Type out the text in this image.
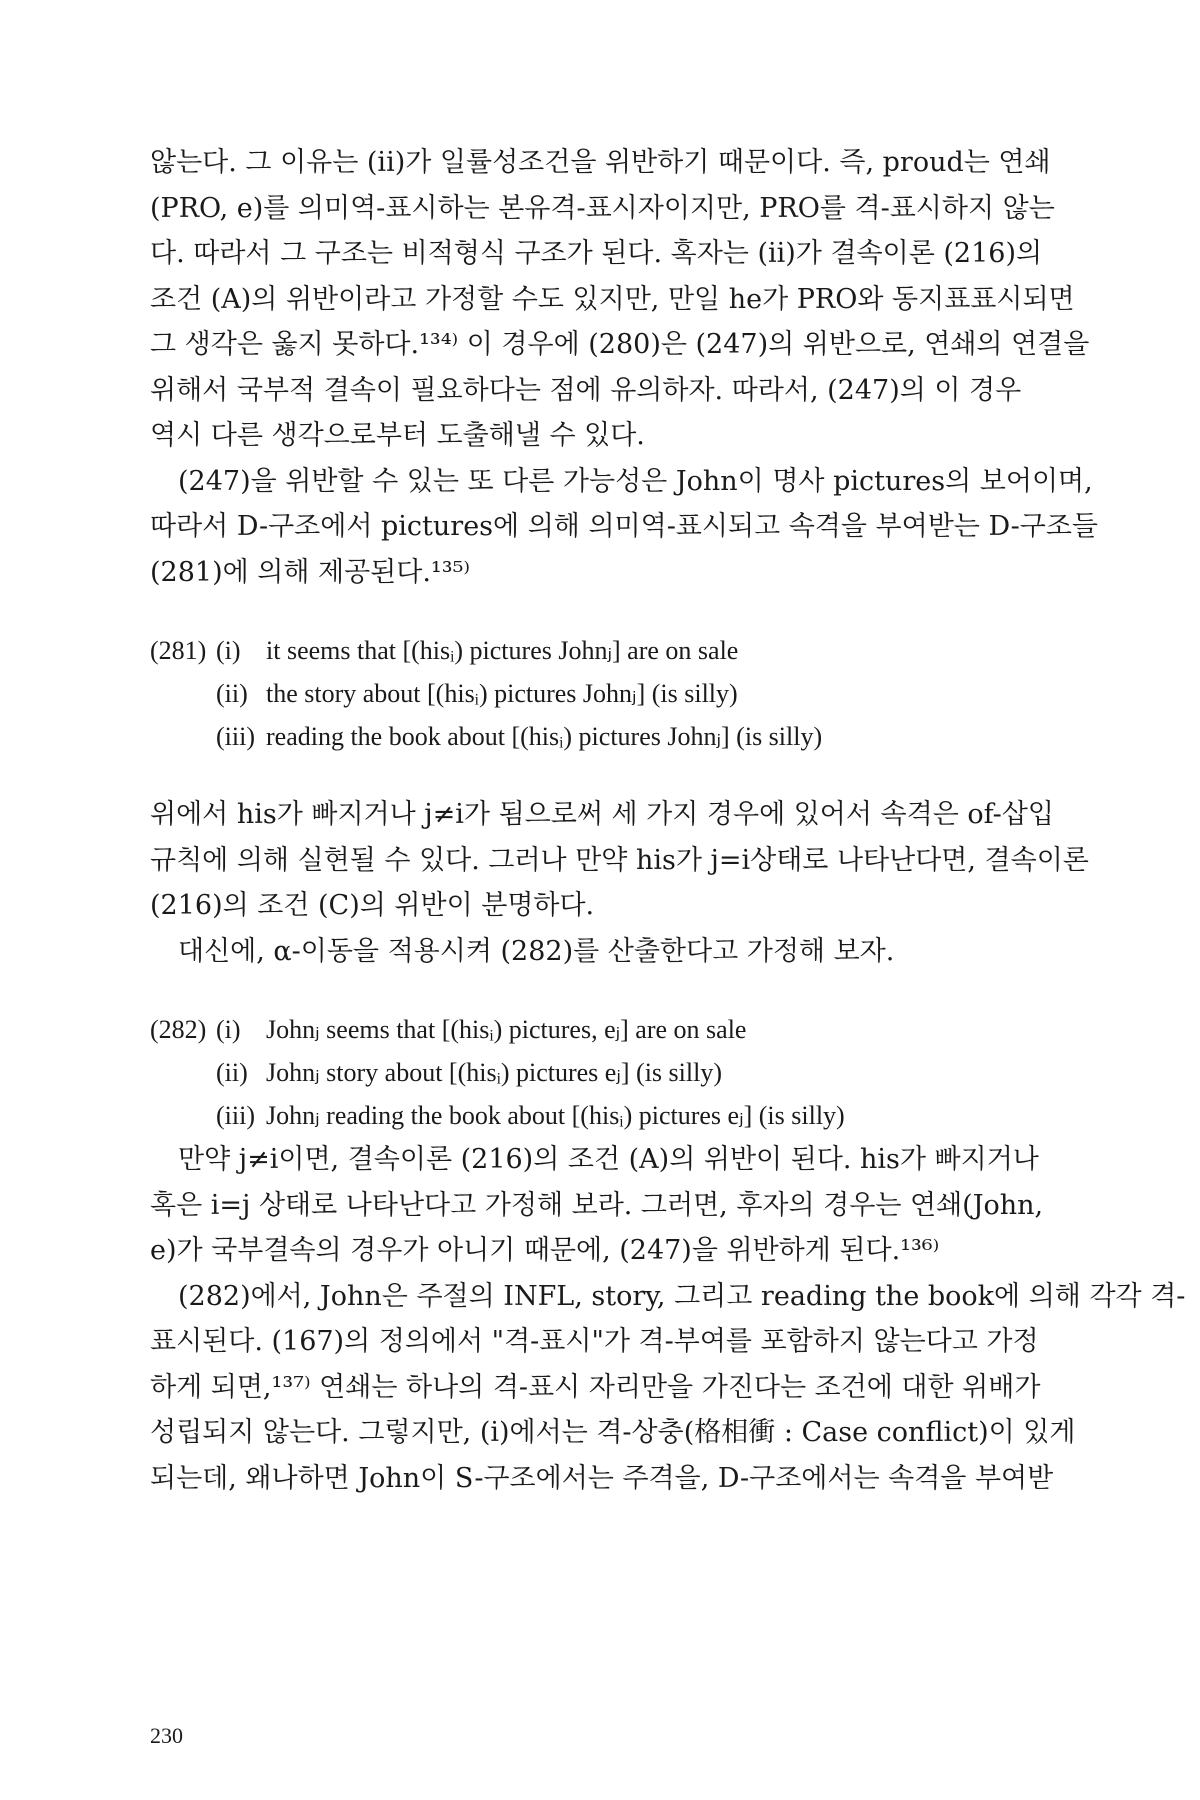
않는다. 그 이유는 (ii)가 일률성조건을 위반하기 때문이다. 즉, proud는 연쇄
(PRO, e)를 의미역-표시하는 본유격-표시자이지만, PRO를 격-표시하지 않는
다. 따라서 그 구조는 비적형식 구조가 된다. 혹자는 (ii)가 결속이론 (216)의
조건 (A)의 위반이라고 가정할 수도 있지만, 만일 he가 PRO와 동지표표시되면
그 생각은 옳지 못하다.¹³⁴⁾ 이 경우에 (280)은 (247)의 위반으로, 연쇄의 연결을
위해서 국부적 결속이 필요하다는 점에 유의하자. 따라서, (247)의 이 경우
역시 다른 생각으로부터 도출해낼 수 있다.
(247)을 위반할 수 있는 또 다른 가능성은 John이 명사 pictures의 보어이며,
따라서 D-구조에서 pictures에 의해 의미역-표시되고 속격을 부여받는 D-구조들
(281)에 의해 제공된다.¹³⁵⁾
(281) (i) it seems that [(hisᵢ) pictures Johnⱼ] are on sale
(ii) the story about [(hisᵢ) pictures Johnⱼ] (is silly)
(iii) reading the book about [(hisᵢ) pictures Johnⱼ] (is silly)
위에서 his가 빠지거나 j≠i가 됨으로써 세 가지 경우에 있어서 속격은 of-삽입
규칙에 의해 실현될 수 있다. 그러나 만약 his가 j=i상태로 나타난다면, 결속이론
(216)의 조건 (C)의 위반이 분명하다.
대신에, α-이동을 적용시켜 (282)를 산출한다고 가정해 보자.
(282) (i) Johnⱼ seems that [(hisᵢ) pictures, eⱼ] are on sale
(ii) Johnⱼ story about [(hisᵢ) pictures eⱼ] (is silly)
(iii) Johnⱼ reading the book about [(hisᵢ) pictures eⱼ] (is silly)
만약 j≠i이면, 결속이론 (216)의 조건 (A)의 위반이 된다. his가 빠지거나
혹은 i=j 상태로 나타난다고 가정해 보라. 그러면, 후자의 경우는 연쇄(John,
e)가 국부결속의 경우가 아니기 때문에, (247)을 위반하게 된다.¹³⁶⁾
(282)에서, John은 주절의 INFL, story, 그리고 reading the book에 의해 각각 격-
표시된다. (167)의 정의에서 "격-표시"가 격-부여를 포함하지 않는다고 가정
하게 되면,¹³⁷⁾ 연쇄는 하나의 격-표시 자리만을 가진다는 조건에 대한 위배가
성립되지 않는다. 그렇지만, (i)에서는 격-상충(格相衝 : Case conflict)이 있게
되는데, 왜나하면 John이 S-구조에서는 주격을, D-구조에서는 속격을 부여받
230
